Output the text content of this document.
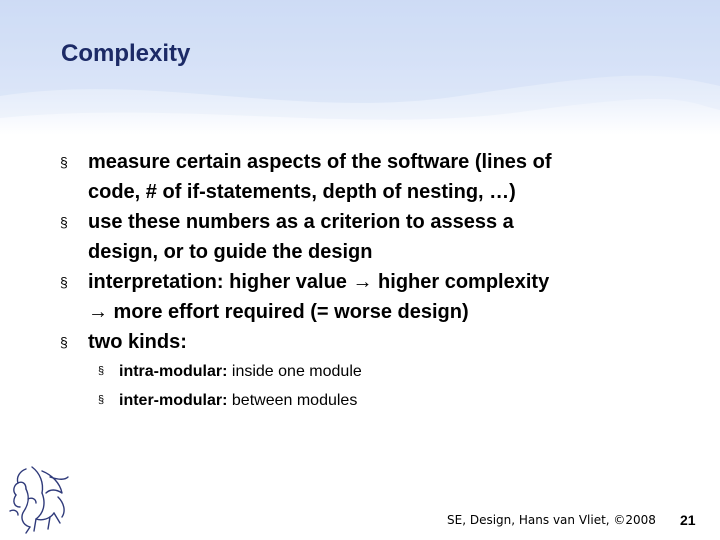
Complexity
§ measure certain aspects of the software (lines of
code, # of if-statements, depth of nesting, …)
§ use these numbers as a criterion to assess a
design, or to guide the design
§ interpretation: higher value → higher complexity
→ more effort required (= worse design)
§ two kinds:
§ intra-modular: inside one module
§ inter-modular: between modules
SE, Design, Hans van Vliet, ©2008 21
